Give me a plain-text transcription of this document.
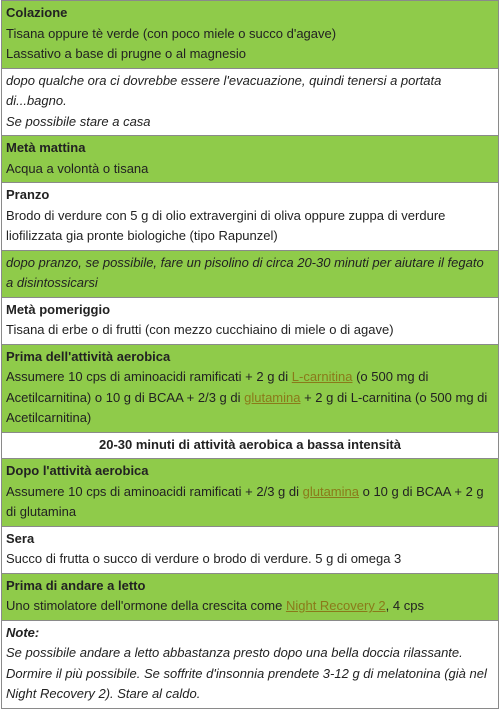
Colazione
Tisana oppure tè verde (con poco miele o succo d'agave)
Lassativo a base di prugne o al magnesio

dopo qualche ora ci dovrebbe essere l'evacuazione, quindi tenersi a portata di...bagno.
Se possibile stare a casa

Metà mattina
Acqua a volontà o tisana

Pranzo
Brodo di verdure con 5 g di olio extravergini di oliva oppure zuppa di verdure liofilizzata gia pronte biologiche (tipo Rapunzel)

dopo pranzo, se possibile, fare un pisolino di circa 20-30 minuti per aiutare il fegato a disintossicarsi

Metà pomeriggio
Tisana di erbe o di frutti (con mezzo cucchiaino di miele o di agave)

Prima dell'attività aerobica
Assumere 10 cps di aminoacidi ramificati + 2 g di L-carnitina (o 500 mg di Acetilcarnitina) o 10 g di BCAA + 2/3 g di glutamina + 2 g di L-carnitina (o 500 mg di Acetilcarnitina)

20-30 minuti di attività aerobica a bassa intensità

Dopo l'attività aerobica
Assumere 10 cps di aminoacidi ramificati + 2/3 g di glutamina o 10 g di BCAA + 2 g di glutamina

Sera
Succo di frutta o succo di verdure o brodo di verdure. 5 g di omega 3

Prima di andare a letto
Uno stimolatore dell'ormone della crescita come Night Recovery 2, 4 cps

Note:
Se possibile andare a letto abbastanza presto dopo una bella doccia rilassante.
Dormire il più possibile. Se soffrite d'insonnia prendete 3-12 g di melatonina (già nel Night Recovery 2). Stare al caldo.
